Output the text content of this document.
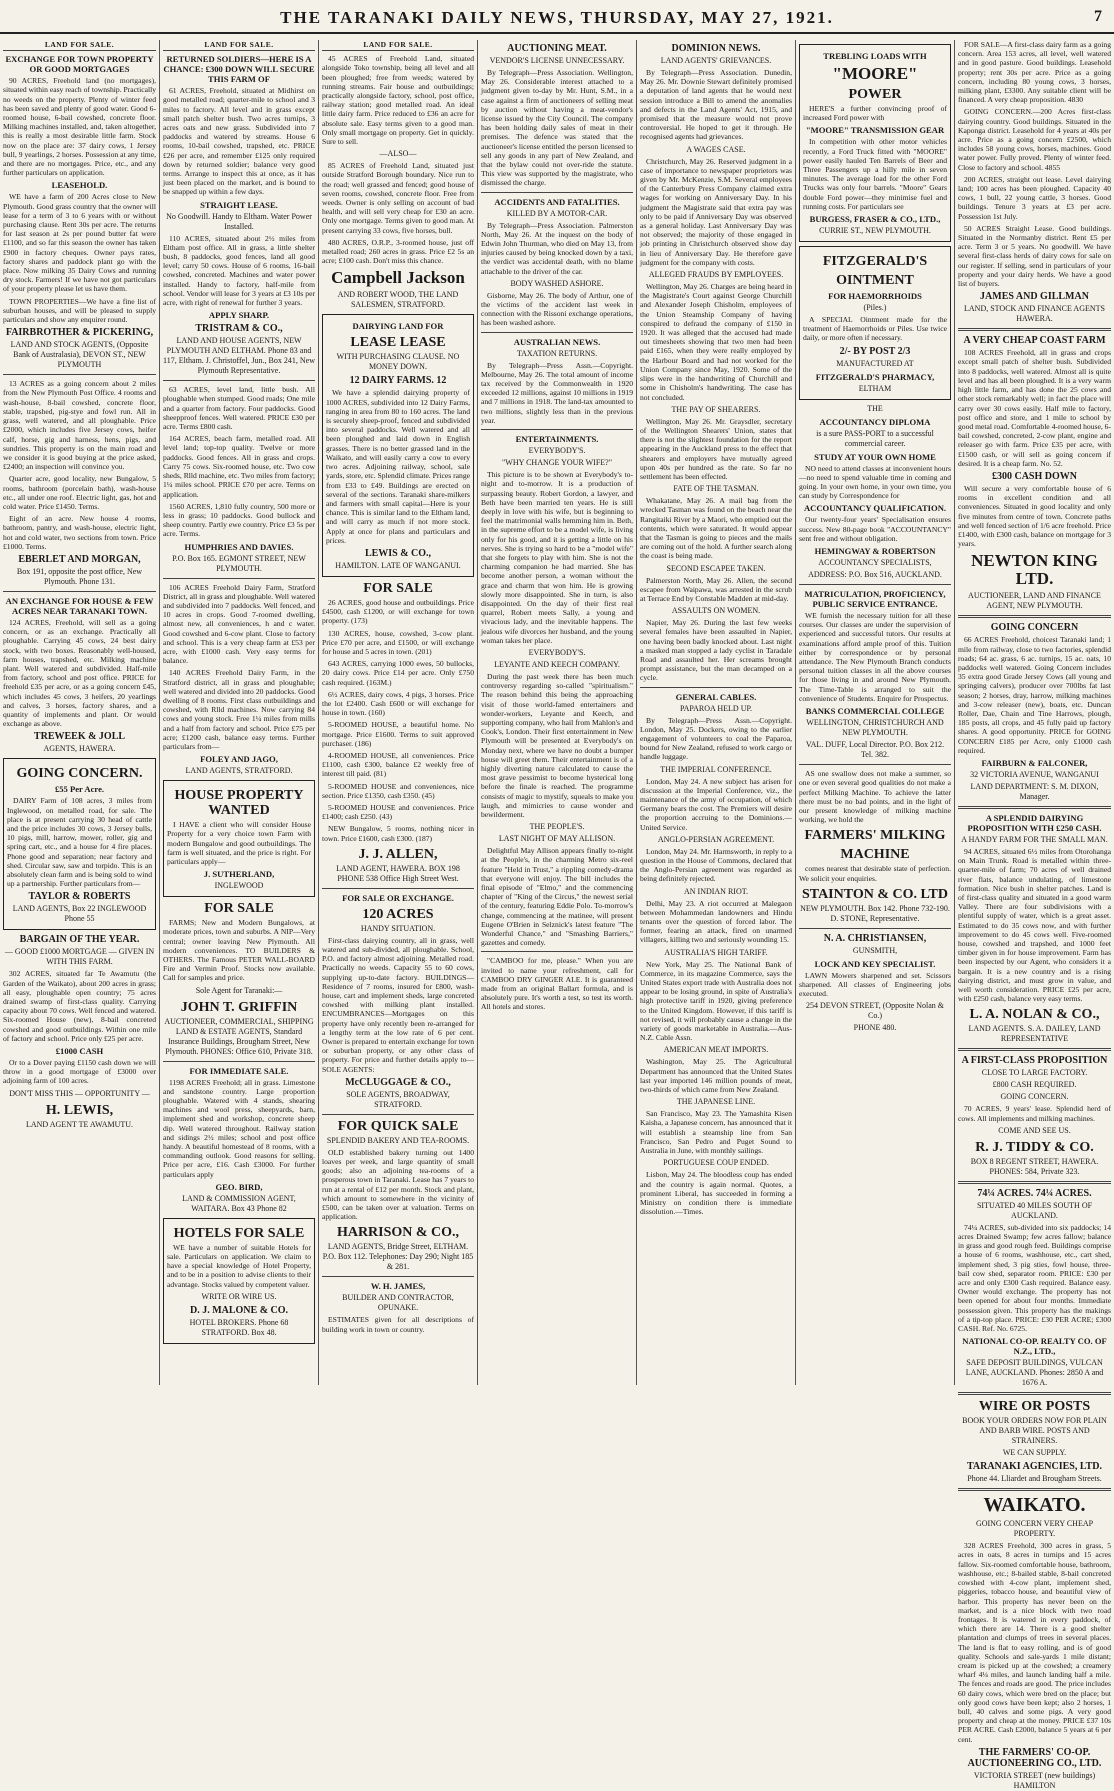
THE TARANAKI DAILY NEWS, THURSDAY, MAY 27, 1921.	7
LAND FOR SALE.
EXCHANGE FOR TOWN PROPERTY OR GOOD MORTGAGES

90 ACRES, Freehold land (no mortgages), situated within easy reach of township. Practically no weeds on the property. Plenty of winter feed has been saved and plenty of good water. Good 6-roomed house, 6-bail cowshed, concrete floor. Milking machines installed, and, taken altogether, this is really a most desirable little farm. Stock now on the place are: 37 dairy cows, 1 Jersey bull, 9 yearlings, 2 horses. Possession at any time, and there are no mortgages. Price, etc., and any further particulars on application.

LEASEHOLD.

WE have a farm of 200 Acres close to New Plymouth. Good grass country that the owner will lease for a term of 3 to 6 years with or without purchasing clause. Rent 30s per acre. The returns for last season at 2s per pound butter fat were £1100, and so far this season the owner has taken £900 in factory cheques. Owner pays rates, factory shares and paddock plant go with the place. Now milking 35 Dairy Cows and running dry stock. Farmers! If we have not got particulars of your property please let us have them.

TOWN PROPERTIES—We have a fine list of suburban houses, and will be pleased to supply particulars and show any enquirer round.

FAIRBROTHER & PICKERING,
LAND AND STOCK AGENTS, (Opposite Bank of Australasia), DEVON ST., NEW PLYMOUTH

13 ACRES as a going concern about 2 miles from the New Plymouth Post Office. 4 rooms and wash-house, 8-bail cowshed, concrete floor, stable, trapshed, pig-stye and fowl run. All in grass, well watered, and all ploughable. Price £2000, which includes five Jersey cows, heifer calf, horse, gig and harness, hens, pigs, and sundries. This property is on the main road and we consider it is good buying at the price asked, £2400; an inspection will convince you.

Quarter acre, good locality, new Bungalow, 5 rooms, bathroom (porcelain bath), wash-house etc., all under one roof. Electric light, gas, hot and cold water. Price £1450. Terms.

Eight of an acre. New house 4 rooms, bathroom, pantry, and wash-house, electric light, hot and cold water, two sections from town. Price £1000. Terms.

EBERLET AND MORGAN,
Box 191, opposite the post office, New Plymouth. Phone 131.
AN EXCHANGE FOR HOUSE & FEW ACRES NEAR TARANAKI TOWN.

124 ACRES, Freehold, will sell as a going concern, or as an exchange. Practically all ploughable. Carrying 45 cows, 24 best dairy stock, with two boxes. Reasonably well-housed, farm houses, trapshed, etc. Milking machine plant. Well watered and subdivided. Half-mile from factory, school and post office. PRICE for freehold £35 per acre, or as a going concern £45, which includes 45 cows, 3 heifers, 20 yearlings and calves, 3 horses, factory shares, and a quantity of implements and plant. Or would exchange as above.

TREWEEK & JOLL
AGENTS, HAWERA.
GOING CONCERN.
£55 Per Acre.

DAIRY Farm of 108 acres, 3 miles from Inglewood, on metalled road, for sale. The place is at present carrying 30 head of cattle and the price includes 30 cows, 3 Jersey bulls, 10 pigs, mill, harrow, mower, roller, gig and spring cart, etc., and a house for 4 fire places. Phone good and separation; near factory and shed. Circular saw, saw and torpido. This is an absolutely clean farm and is being sold to wind up a partnership. Further particulars from—

TAYLOR & ROBERTS
LAND AGENTS, Box 22 INGLEWOOD Phone 55
BARGAIN OF THE YEAR.
— GOOD £1000 MORTGAGE — GIVEN IN WITH THIS FARM.

302 ACRES, situated far Te Awamutu (the Garden of the Waikato), about 200 acres in grass; all easy, ploughable open country; 75 acres drained swamp of first-class quality. Carrying capacity about 70 cows. Well fenced and watered. Six-roomed House (new), 8-bail concreted cowshed and good outbuildings. Within one mile of factory and school. Price only £25 per acre.

£1000 CASH

Or to a Dover paying £1150 cash down we will throw in a good mortgage of £3000 over adjoining farm of 100 acres.

DON'T MISS THIS — OPPORTUNITY —
H. LEWIS,
LAND AGENT TE AWAMUTU.
LAND FOR SALE.
RETURNED SOLDIERS—HERE IS A CHANCE: £300 DOWN WILL SECURE THIS FARM OF

61 ACRES, Freehold, situated at Midhirst on good metalled road; quarter-mile to school and 3 miles to factory. All level and in grass except small patch shelter bush. Two acres turnips, 3 acres oats and new grass. Subdivided into 7 paddocks and watered by streams. House 6 rooms, 10-bail cowshed, trapshed, etc. PRICE £26 per acre, and remember £125 only required down by returned soldier; balance very good terms. Arrange to inspect this at once, as it has just been placed on the market, and is bound to be snapped up within a few days.

STRAIGHT LEASE.
No Goodwill. Handy to Eltham. Water Power Installed.

110 ACRES, situated about 2½ miles from Eltham post office. All in grass, a little shelter bush, 8 paddocks, good fences, land all good level; carry 50 cows. House of 6 rooms, 16-bail cowshed, concreted. Machines and water power installed. Handy to factory, half-mile from school. Vendor will lease for 3 years at £3 10s per acre, with right of renewal for further 3 years.

APPLY SHARP.
TRISTRAM & CO.,
LAND AND HOUSE AGENTS, NEW PLYMOUTH AND ELTHAM. Phone 83 and 117, Eltham. J. Christoffel, Jun., Box 241, New Plymouth Representative.

63 ACRES, level land, little bush. All ploughable when stumped. Good roads; One mile and a quarter from factory. Four paddocks. Good sheepproof fences. Well watered. PRICE £30 per acre. Terms £800 cash.

164 ACRES, beach farm, metalled road. All level land; top-top quality. Twelve or more paddocks. Good fences. All in grass and crops. Carry 75 cows. Six-roomed house, etc. Two cow sheds, Rlld machine, etc. Two miles from factory; 1¼ miles school. PRICE £70 per acre. Terms on application.

1560 ACRES, 1,810 fully country, 500 more or less in grass; 10 paddocks. Good bullock and sheep country. Partly ewe country. Price £3 5s per acre. Terms.

HUMPHRIES AND DAVIES.
P.O. Box 165. EGMONT STREET, NEW PLYMOUTH.

106 ACRES Freehold Dairy Farm, Stratford District, all in grass and ploughable. Well watered and subdivided into 7 paddocks. Well fenced, and 10 acres in crops. Good 7-roomed dwelling, almost new, all conveniences, h and c water. Good cowshed and 6-cow plant. Close to factory and school. This is a very cheap farm at £53 per acre, with £1000 cash. Very easy terms for balance.

140 ACRES Freehold Dairy Farm, in the Stratford district, all in grass and ploughable; well watered and divided into 20 paddocks. Good dwelling of 8 rooms. First class outbuildings and cowshed, with Rlld machines. Now carrying 84 cows and young stock. Free 1¼ miles from mills and a half from factory and school. Price £75 per acre; £1200 cash, balance easy terms. Further particulars from—

FOLEY AND JAGO,
LAND AGENTS, STRATFORD.
HOUSE PROPERTY WANTED

I HAVE a client who will consider House Property for a very choice town Farm with modern Bungalow and good outbuildings. The farm is well situated, and the price is right. For particulars apply—

J. SUTHERLAND,
INGLEWOOD
FOR SALE

FARMS; New and Modern Bungalows, at moderate prices, town and suburbs. A NIP—Very central; owner leaving New Plymouth. All modern conveniences. TO BUILDERS & OTHERS. The Famous PETER WALL-BOARD Fire and Vermin Proof. Stocks now available. Call for samples and price.

Sole Agent for Taranaki:—
JOHN T. GRIFFIN
AUCTIONEER, COMMERCIAL, SHIPPING LAND & ESTATE AGENTS, Standard Insurance Buildings, Brougham Street, New Plymouth. PHONES: Office 610, Private 318.
FOR IMMEDIATE SALE.

1198 ACRES Freehold; all in grass. Limestone and sandstone country. Large proportion ploughable. Watered with 4 stands, shearing machines and wool press, sheepyards, barn, implement shed and workshop, concrete sheep dip. Well watered throughout. Railway station and sidings 2½ miles; school and post office handy. A beautiful homestead of 8 rooms, with a commanding outlook. Good reasons for selling. Price per acre, £16. Cash £3000. For further particulars apply

GEO. BIRD,
LAND & COMMISSION AGENT, WAITARA. Box 43 Phone 82
HOTELS FOR SALE

WE have a number of suitable Hotels for sale. Particulars on application. We claim to have a special knowledge of Hotel Property, and to be in a position to advise clients to their advantage. Stocks valued by competent valuer.

WRITE OR WIRE US.
D. J. MALONE & CO.
HOTEL BROKERS. Phone 68 STRATFORD. Box 48.
LAND FOR SALE.

45 ACRES of Freehold Land, situated alongside Toko township, being all level and all been ploughed; free from weeds; watered by running streams. Fair house and outbuildings; practically alongside factory, school, post office, railway station; good metalled road. An ideal little dairy farm. Price reduced to £36 an acre for absolute sale. Easy terms given to a good man. Only small mortgage on property. Get in quickly. Sure to sell.

—ALSO—

85 ACRES of Freehold Land, situated just outside Stratford Borough boundary. Nice run to the road; well grassed and fenced; good house of seven rooms, cowshed, concrete floor. Free from weeds. Owner is only selling on account of bad health, and will sell very cheap for £30 an acre. Only one mortgage. Terms given to good man. At present carrying 33 cows, five horses, bull.

480 ACRES, O.R.P., 3-roomed house, just off metalled road; 260 acres in grass. Price £2 5s an acre; £100 cash. Don't miss this chance.

Campbell Jackson
AND ROBERT WOOD, THE LAND SALESMEN, STRATFORD.
DAIRYING LAND FOR
LEASE LEASE
WITH PURCHASING CLAUSE. NO MONEY DOWN.
12 DAIRY FARMS. 12

We have a splendid dairying property of 1000 ACRES, subdivided into 12 Dairy Farms, ranging in area from 80 to 160 acres. The land is securely sheep-proof, fenced and subdivided into several paddocks. Well watered and all been ploughed and laid down in English grasses. There is no better grassed land in the Waikato, and will easily carry a cow to every two acres. Adjoining railway, school, sale yards, store, etc. Splendid climate. Prices range from £33 to £49. Buildings are erected on several of the sections. Taranaki share-milkers and farmers with small capital—Here is your chance. This is similar land to the Eltham land, and will carry as much if not more stock. Apply at once for plans and particulars and prices.

LEWIS & CO.,
HAMILTON. LATE OF WANGANUI.
FOR SALE

26 ACRES, good house and outbuildings. Price £4500, cash £1200, or will exchange for town property. (173)

130 ACRES, house, cowshed, 3-cow plant. Price £70 per acre, and £1500, or will exchange for house and 5 acres in town. (201)

643 ACRES, carrying 1000 ewes, 50 bullocks, 20 dairy cows. Price £14 per acre. Only £750 cash required. (163M.)

6½ ACRES, dairy cows, 4 pigs, 3 horses. Price the lot £2400. Cash £600 or will exchange for house in town. (160)

5-ROOMED HOUSE, a beautiful home. No mortgage. Price £1600. Terms to suit approved purchaser. (186)

4-ROOMED HOUSE, all conveniences. Price £1100, cash £300, balance £2 weekly free of interest till paid. (81)

5-ROOMED HOUSE and conveniences, nice section. Price £1350, cash £350. (45)

5-ROOMED HOUSE and conveniences. Price £1400; cash £250. (43)

NEW Bungalow, 5 rooms, nothing nicer in town. Price £1600, cash £300. (187)

J. J. ALLEN,
LAND AGENT, HAWERA. BOX 198 PHONE 538 Office High Street West.
FOR SALE OR EXCHANGE.
120 ACRES
HANDY SITUATION.

First-class dairying country, all in grass, well watered and sub-divided, all ploughable. School, P.O. and factory almost adjoining. Metalled road. Practically no weeds. Capacity 55 to 60 cows, supplying up-to-date factory. BUILDINGS—Residence of 7 rooms, insured for £800, wash-house, cart and implement sheds, large concreted cowshed with milking plant installed. ENCUMBRANCES—Mortgages on this property have only recently been re-arranged for a lengthy term at the low rate of 6 per cent. Owner is prepared to entertain exchange for town or suburban property, or any other class of property. For price and further details apply to— SOLE AGENTS:

McCLUGGAGE & CO.,
SOLE AGENTS, BROADWAY, STRATFORD.
FOR QUICK SALE
SPLENDID BAKERY AND TEA-ROOMS.

OLD established bakery turning out 1400 loaves per week, and large quantity of small goods; also an adjoining tea-rooms of a prosperous town in Taranaki. Lease has 7 years to run at a rental of £12 per month. Stock and plant, which amount to somewhere in the vicinity of £500, can be taken over at valuation. Terms on application.

HARRISON & CO.,
LAND AGENTS, Bridge Street, ELTHAM. P.O. Box 112. Telephones: Day 290; Night 185 & 281.
W. H. JAMES,
BUILDER AND CONTRACTOR, OPUNAKE.

ESTIMATES given for all descriptions of building work in town or country.

AUCTIONING MEAT.
VENDOR'S LICENSE UNNECESSARY.

By Telegraph—Press Association. Wellington, May 26. Considerable interest attached to a judgment given to-day by Mr. Hunt, S.M., in a case against a firm of auctioneers of selling meat by auction without having a meat-vendor's license issued by the City Council. The company has been holding daily sales of meat in their premises. The defence was stated that the auctioneer's license entitled the person licensed to sell any goods in any part of New Zealand, and that the bylaw could not over-ride the statute. This view was supported by the magistrate, who dismissed the charge.

ACCIDENTS AND FATALITIES.
KILLED BY A MOTOR-CAR.

By Telegraph—Press Association. Palmerston North, May 26. At the inquest on the body of Edwin John Thurman, who died on May 13, from injuries caused by being knocked down by a taxi, the verdict was accidental death, with no blame attachable to the driver of the car.

BODY WASHED ASHORE.

Gisborne, May 26. The body of Arthur, one of the victims of the accident last week in connection with the Rissoni exchange operations, has been washed ashore.

AUSTRALIAN NEWS.
TAXATION RETURNS.

By Telegraph—Press Assn.—Copyright. Melbourne, May 26. The total amount of income tax received by the Commonwealth in 1920 exceeded 12 millions, against 10 millions in 1919 and 7 millions in 1918. The land-tax amounted to two millions, slightly less than in the previous year.

ENTERTAINMENTS.
EVERYBODY'S.
"WHY CHANGE YOUR WIFE?"

This picture is to be shown at Everybody's to-night and to-morrow. It is a production of surpassing beauty. Robert Gordon, a lawyer, and Beth have been married ten years. He is still deeply in love with his wife, but is beginning to feel the matrimonial walls hemming him in. Beth, in the supreme effort to be a model wife, is living only for his good, and it is getting a little on his nerves. She is trying so hard to be a "model wife" that she forgets to play with him. She is not the charming companion he had married. She has become another person, a woman without the grace and charm that won him. He is growing slowly more disappointed. She in turn, is also disappointed. On the day of their first real quarrel, Robert meets Sally, a young and vivacious lady, and the inevitable happens. The jealous wife divorces her husband, and the young woman takes her place.

EVERYBODY'S.
LEYANTE AND KEECH COMPANY.

During the past week there has been much controversy regarding so-called "spiritualism." The reason behind this being the approaching visit of those world-famed entertainers and wonder-workers, Leyante and Keech, and supporting company, who hail from Mahlon's and Cook's, London. Their first entertainment in New Plymouth will be presented at Everybody's on Monday next, where we have no doubt a bumper house will greet them. Their entertainment is of a highly diverting nature calculated to cause the most grave pessimist to become hysterical long before the finale is reached. The programme consists of magic to mystify, squeals to make you laugh, and mimicries to cause wonder and bewilderment.

THE PEOPLE'S.
LAST NIGHT OF MAY ALLISON.

Delightful May Allison appears finally to-night at the People's, in the charming Metro six-reel feature "Held in Trust," a rippling comedy-drama that everyone will enjoy. The bill includes the final episode of "Elmo," and the commencing chapter of "King of the Circus," the newest serial of the century, featuring Eddie Polo. To-morrow's change, commencing at the matinee, will present Eugene O'Brien in Selznick's latest feature "The Wonderful Chance," and "Smashing Barriers," gazettes and comedy.

"CAMBOO for me, please." When you are invited to name your refreshment, call for CAMBOO DRY GINGER ALE. It is guaranteed made from an original Ballart formula, and is absolutely pure. It's worth a test, so test its worth. All hotels and stores.

DOMINION NEWS.
LAND AGENTS' GRIEVANCES.

By Telegraph—Press Association. Dunedin, May 26. Mr. Downie Stewart definitely promised a deputation of land agents that he would next session introduce a Bill to amend the anomalies and defects in the Land Agents' Act, 1915, and promised that the measure would not prove controversial. He hoped to get it through. He recognised agents had grievances.

A WAGES CASE.

Christchurch, May 26. Reserved judgment in a case of importance to newspaper proprietors was given by Mr. McKenzie, S.M. Several employees of the Canterbury Press Company claimed extra wages for working on Anniversary Day. In his judgment the Magistrate said that extra pay was only to be paid if Anniversary Day was observed as a general holiday. Last Anniversary Day was not observed; the majority of those engaged in job printing in Christchurch observed show day in lieu of Anniversary Day. He therefore gave judgment for the company with costs.

ALLEGED FRAUDS BY EMPLOYEES.

Wellington, May 26. Charges are being heard in the Magistrate's Court against George Churchill and Alexander Joseph Chisholm, employees of the Union Steamship Company of having conspired to defraud the company of £150 in 1920. It was alleged that the accused had made out timesheets showing that two men had been paid £165, when they were really employed by the Harbour Board and had not worked for the Union Company since May, 1920. Some of the slips were in the handwriting of Churchill and some in Chisholm's handwriting. The case has not concluded.

THE PAY OF SHEARERS.

Wellington, May 26. Mr. Graysdler, secretary of the Wellington Shearers' Union, states that there is not the slightest foundation for the report appearing in the Auckland press to the effect that shearers and employers have mutually agreed upon 40s per hundred as the rate. So far no settlement has been effected.

FATE OF THE TASMAN.

Whakatane, May 26. A mail bag from the wrecked Tasman was found on the beach near the Rangitaiki River by a Maori, who emptied out the contents, which were saturated. It would appear that the Tasman is going to pieces and the mails are coming out of the hold. A further search along the coast is being made.

SECOND ESCAPEE TAKEN.

Palmerston North, May 26. Allen, the second escapee from Waipawa, was arrested in the scrub at Terrace End by Constable Madden at mid-day.

ASSAULTS ON WOMEN.

Napier, May 26. During the last few weeks several females have been assaulted in Napier, one having been badly knocked about. Last night a masked man stopped a lady cyclist in Taradale Road and assaulted her. Her screams brought prompt assistance, but the man decamped on a cycle.

GENERAL CABLES.
PAPAROA HELD UP.

By Telegraph—Press Assn.—Copyright. London, May 25. Dockers, owing to the earlier engagement of volunteers to coal the Paparoa, bound for New Zealand, refused to work cargo or handle luggage.

THE IMPERIAL CONFERENCE.

London, May 24. A new subject has arisen for discussion at the Imperial Conference, viz., the maintenance of the army of occupation, of which Germany bears the cost. The Premiers will desire the proportion accruing to the Dominions.—United Service.

ANGLO-PERSIAN AGREEMENT.

London, May 24. Mr. Harmsworth, in reply to a question in the House of Commons, declared that the Anglo-Persian agreement was regarded as being definitely rejected.

AN INDIAN RIOT.

Delhi, May 23. A riot occurred at Malegaon between Mohammedan landowners and Hindu tenants over the question of forced labor. The former, fearing an attack, fired on unarmed villagers, killing two and seriously wounding 15.

AUSTRALIA'S HIGH TARIFF.

New York, May 25. The National Bank of Commerce, in its magazine Commerce, says the United States export trade with Australia does not appear to be losing ground, in spite of Australia's high protective tariff in 1920, giving preference to the United Kingdom. However, if this tariff is not revised, it will probably cause a change in the variety of goods marketable in Australia.—Aus-N.Z. Cable Assn.

AMERICAN MEAT IMPORTS.

Washington, May 25. The Agricultural Department has announced that the United States last year imported 146 million pounds of meat, two-thirds of which came from New Zealand.

THE JAPANESE LINE.

San Francisco, May 23. The Yamashita Kisen Kaisha, a Japanese concern, has announced that it will establish a steamship line from San Francisco, San Pedro and Puget Sound to Australia in June, with monthly sailings.

PORTUGUESE COUP ENDED.

Lisbon, May 24. The bloodless coup has ended and the country is again normal. Quotes, a prominent Liberal, has succeeded in forming a Ministry on condition there is immediate dissolution.—Times.

TREBLING LOADS WITH
"MOORE"
POWER

HERE'S a further convincing proof of increased Ford power with

"MOORE" TRANSMISSION GEAR

In competition with other motor vehicles recently, a Ford Truck fitted with "MOORE" power easily hauled Ten Barrels of Beer and Three Passengers up a hilly mile in seven minutes. The average load for the other Ford Trucks was only four barrels. "Moore" Gears double Ford power—they minimise fuel and running costs. For particulars see

BURGESS, FRASER & CO., LTD.,
CURRIE ST., NEW PLYMOUTH.
FITZGERALD'S
OINTMENT
FOR HAEMORRHOIDS
(Piles.)

A SPECIAL Ointment made for the treatment of Haemorrhoids or Piles. Use twice daily, or more often if necessary.

2/- BY POST 2/3
MANUFACTURED AT
FITZGERALD'S PHARMACY,
ELTHAM
THE
ACCOUNTANCY DIPLOMA
is a sure PASS-PORT to a successful commercial career.
STUDY AT YOUR OWN HOME

NO need to attend classes at inconvenient hours—no need to spend valuable time in coming and going. In your own home, in your own time, you can study by Correspondence for

ACCOUNTANCY QUALIFICATION.

Our twenty-four years' Specialisation ensures success. New 80-page book "ACCOUNTANCY" sent free and without obligation.

HEMINGWAY & ROBERTSON
ACCOUNTANCY SPECIALISTS,
ADDRESS: P.O. Box 516, AUCKLAND.
MATRICULATION, PROFICIENCY, PUBLIC SERVICE ENTRANCE.

WE furnish the necessary tuition for all these courses. Our classes are under the supervision of experienced and successful tutors. Our results at examinations afford ample proof of this. Tuition either by correspondence or by personal attendance. The New Plymouth Branch conducts personal tuition classes in all the above courses for those living in and around New Plymouth. The Time-Table is arranged to suit the convenience of Students. Enquire for Prospectus.

BANKS COMMERCIAL COLLEGE
WELLINGTON, CHRISTCHURCH AND NEW PLYMOUTH.
VAL. DUFF, Local Director. P.O. Box 212. Tel. 382.

AS one swallow does not make a summer, so one or even several good qualities do not make a perfect Milking Machine. To achieve the latter there must be no bad points, and in the light of our present knowledge of milking machine working, we hold the

FARMERS' MILKING
MACHINE

comes nearest that desirable state of perfection. We solicit your enquiries.

STAINTON & CO. LTD
NEW PLYMOUTH. Box 142. Phone 732-190. D. STONE, Representative.
N. A. CHRISTIANSEN,
GUNSMITH,
LOCK AND KEY SPECIALIST.

LAWN Mowers sharpened and set. Scissors sharpened. All classes of Engineering jobs executed.

254 DEVON STREET, (Opposite Nolan & Co.)
PHONE 480.

FOR SALE—A first-class dairy farm as a going concern. Area 153 acres, all level, well watered and in good pasture. Good buildings. Leasehold property; rent 30s per acre. Price as a going concern, including 80 young cows, 3 horses, milking plant, £3300. Any suitable client will be financed. A very cheap proposition. 4830

GOING CONCERN.—200 Acres first-class dairying country. Good buildings. Situated in the Kaponga district. Leasehold for 4 years at 40s per acre. Price as a going concern £2500, which includes 58 young cows, horses, machines. Good water power. Fully proved. Plenty of winter feed. Close to factory and school. 4855

200 ACRES, straight out lease. Level dairying land; 100 acres has been ploughed. Capacity 40 cows, 1 bull, 22 young cattle, 3 horses. Good buildings. Tenure 3 years at £3 per acre. Possession 1st July.

50 ACRES Straight Lease. Good buildings. Situated in the Normanby district. Rent £5 per acre. Term 3 or 5 years. No goodwill. We have several first-class herds of dairy cows for sale on our register. If selling, send in particulars of your property and your dairy herds. We have a good list of buyers.

JAMES AND GILLMAN
LAND, STOCK AND FINANCE AGENTS HAWERA.
A VERY CHEAP COAST FARM

108 ACRES Freehold, all in grass and crops except small patch of shelter bush. Subdivided into 8 paddocks, well watered. Almost all is quite level and has all been ploughed. It is a very warm high little farm, and has done the 25 cows and other stock remarkably well; in fact the place will carry over 30 cows easily. Half mile to factory, post office and store, and 1 mile to school by good metal road. Comfortable 4-roomed house, 6-bail cowshed, concreted, 2-cow plant, engine and releaser go with farm. Price £35 per acre, with £1500 cash, or will sell as going concern if desired. It is a cheap farm. No. 52.

£300 CASH DOWN

Will secure a very comfortable house of 6 rooms in excellent condition and all conveniences. Situated in good locality and only five minutes from centre of town. Concrete paths and well fenced section of 1/6 acre freehold. Price £1400, with £300 cash, balance on mortgage for 3 years.

NEWTON KING LTD.
AUCTIONEER, LAND AND FINANCE AGENT, NEW PLYMOUTH.
GOING CONCERN

66 ACRES Freehold, choicest Taranaki land; 1 mile from railway, close to two factories, splendid roads; 64 ac. grass, 6 ac. turnips, 15 ac. oats, 10 paddocks well watered. Going Concern includes 35 extra good Grade Jersey Cows (all young and springing calvers), producer over 700lbs fat last season; 2 horses, dray, harrow, milking machines and 3-cow releaser (new), boats, etc. Duncan Roller, Dae, Chain and Tine Harrows, plough, 185 posts, all crops, and 45 fully paid up factory shares. A good opportunity. PRICE for GOING CONCERN £185 per Acre, only £1000 cash required.

FAIRBURN & FALCONER,
32 VICTORIA AVENUE, WANGANUI
LAND DEPARTMENT: S. M. DIXON, Manager.
A SPLENDID DAIRYING PROPOSITION WITH £250 CASH.
A HANDY FARM FOR THE SMALL MAN.

94 ACRES, situated 6½ miles from Otorohanga on Main Trunk. Road is metalled within three-quarter-mile of farm; 70 acres of well drained river flats, balance undulating, of limestone formation. Nice bush in shelter patches. Land is of first-class quality and situated in a good warm Valley. There are four subdivisions with a plentiful supply of water, which is a great asset. Estimated to do 35 cows now, and with further improvement to do 45 cows well. Five-roomed house, cowshed and trapshed, and 1000 feet timber given in for house improvement. Farm has been inspected by our Agent, who considers it a bargain. It is a new country and is a rising dairying district, and must grow in value, and well worth consideration. PRICE £25 per acre, with £250 cash, balance very easy terms.

L. A. NOLAN & CO.,
LAND AGENTS. S. A. DAILEY, LAND REPRESENTATIVE
A FIRST-CLASS PROPOSITION
CLOSE TO LARGE FACTORY.
£800 CASH REQUIRED.
GOING CONCERN.

70 ACRES, 9 years' lease. Splendid herd of cows. All implements and milking machines.

COME AND SEE US.
R. J. TIDDY & CO.
BOX 8 REGENT STREET, HAWERA. PHONES: 584, Private 323.
74¼ ACRES. 74¼ ACRES.
SITUATED 40 MILES SOUTH OF AUCKLAND.

74¼ ACRES, sub-divided into six paddocks; 14 acres Drained Swamp; few acres fallow; balance in grass and good rough feed. Buildings comprise a house of 6 rooms, washhouse, etc., cart shed, implement shed, 3 pig sties, fowl house, three-bail cow shed, separator room. PRICE: £30 per acre and only £300 Cash required. Balance easy. Owner would exchange. The property has not been opened for about four months. Immediate possession given. This property has the makings of a tip-top place. PRICE: £30 PER ACRE; £300 CASH. Ref. No. 6725.

NATIONAL CO-OP. REALTY CO. OF N.Z., LTD.,
SAFE DEPOSIT BUILDINGS, VULCAN LANE, AUCKLAND. Phones: 2850 A and 1676 A.
WIRE OR POSTS
BOOK YOUR ORDERS NOW FOR PLAIN AND BARB WIRE. POSTS AND STRAINERS.
WE CAN SUPPLY.
TARANAKI AGENCIES, LTD.
Phone 44. Lliardet and Brougham Streets.
WAIKATO.
GOING CONCERN VERY CHEAP PROPERTY.

328 ACRES Freehold, 300 acres in grass, 5 acres in oats, 8 acres in turnips and 15 acres fallow. Six-roomed comfortable house, bathroom, washhouse, etc.; 8-bailed stable, 8-bail concreted cowshed with 4-cow plant, implement shed, piggeries, tobacco house, and beautiful view of harbor. This property has never been on the market, and is a nice block with two road frontages. It is watered in every paddock, of which there are 14. There is a good shelter plantation and clumps of trees in several places. The land is flat to easy rolling, and is of good quality. Schools and sale-yards 1 mile distant; cream is picked up at the cowshed; a creamery wharf 4¼ miles, and launch landing half a mile. The fences and roads are good. The price includes 60 dairy cows, which were bred on the place; but only good cows have been kept; also 2 horses, 1 bull, 40 calves and some pigs. A very good property and cheap at the money. PRICE £37 10s PER ACRE. Cash £2000, balance 5 years at 6 per cent.

THE FARMERS' CO-OP. AUCTIONEERING CO., LTD.
VICTORIA STREET (new buildings) HAMILTON
